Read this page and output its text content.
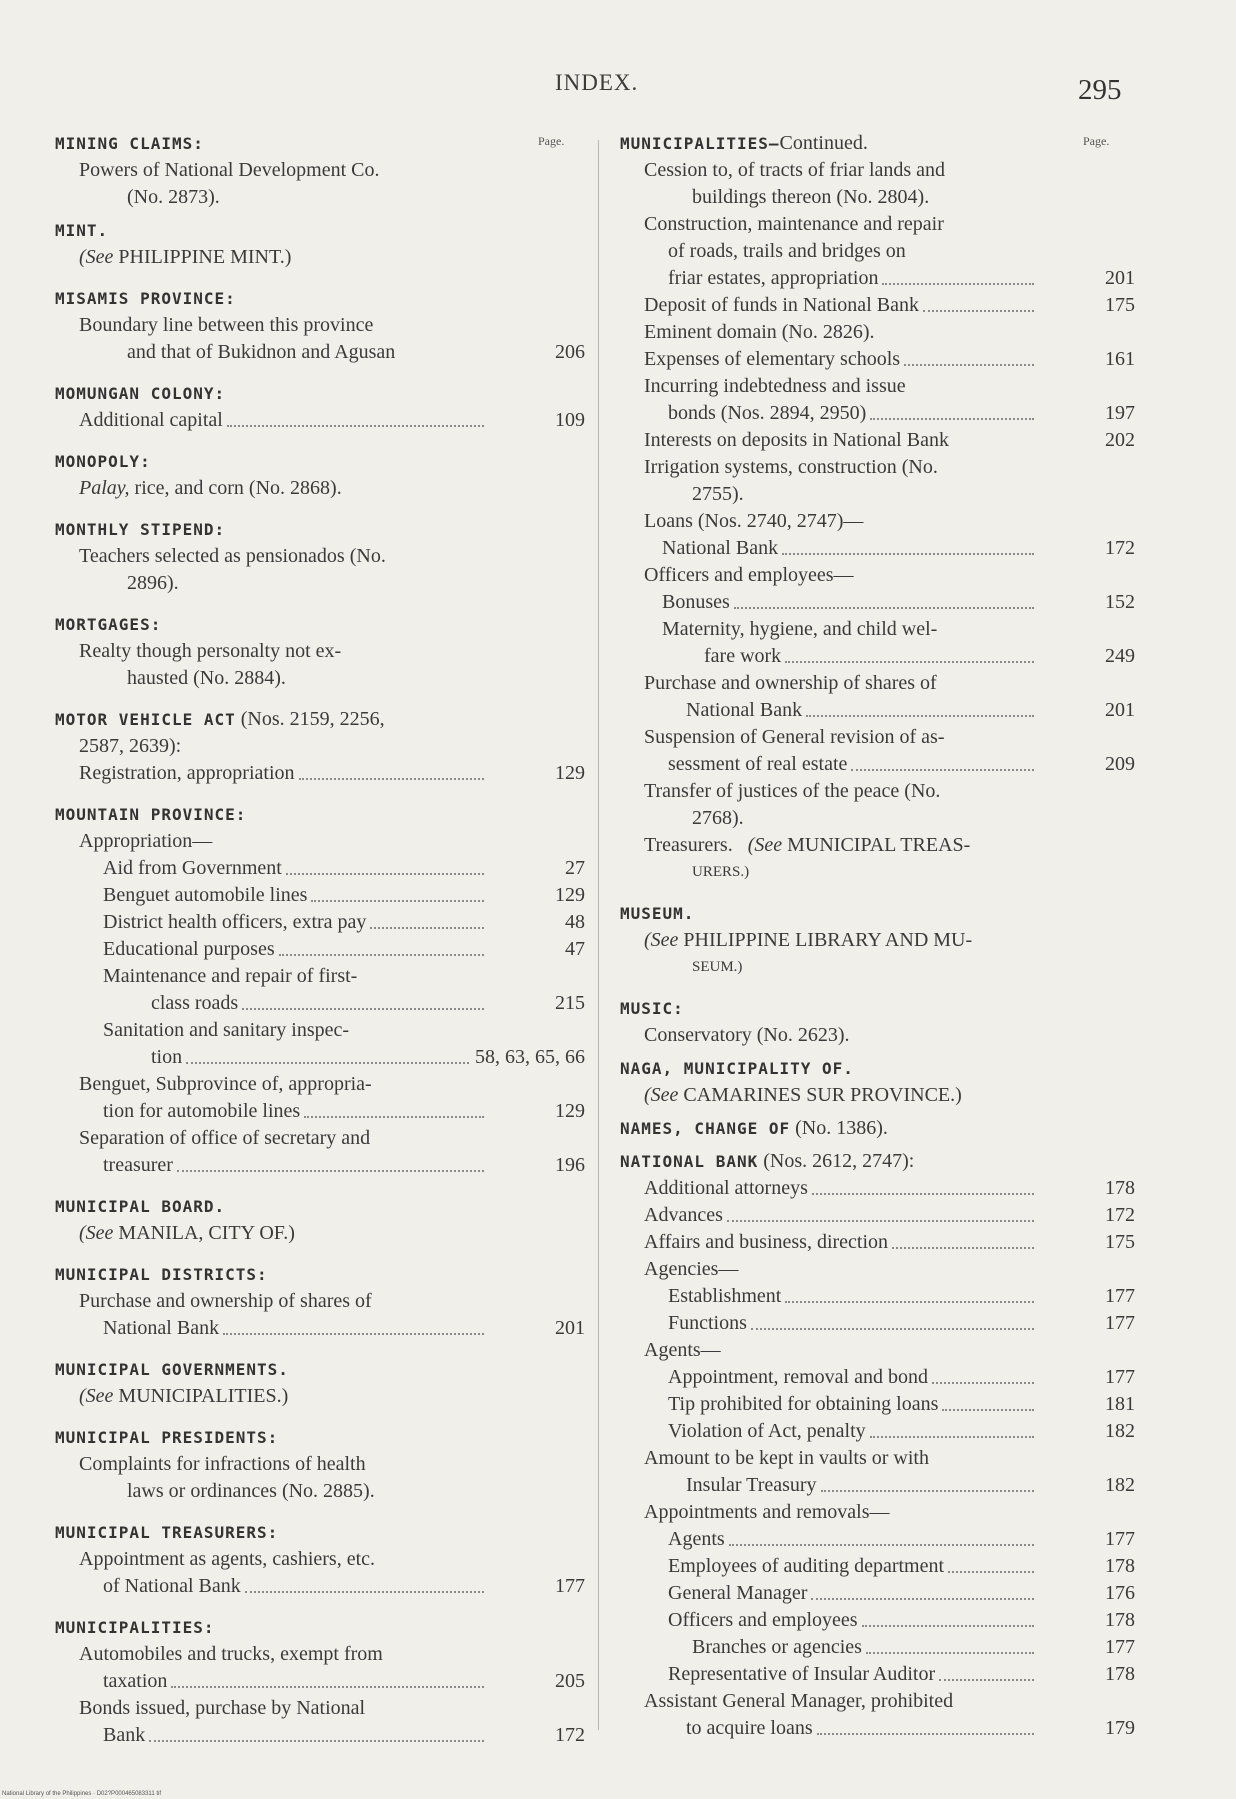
INDEX.	295
Page.	Page.
MINING CLAIMS:
Powers of National Development Co.
(No. 2873).
MINT.
(See PHILIPPINE MINT.)
MISAMIS PROVINCE:
Boundary line between this province
and that of Bukidnon and Agusan	206
MOMUNGAN COLONY:
Additional capital	109
MONOPOLY:
Palay, rice, and corn (No. 2868).
MONTHLY STIPEND:
Teachers selected as pensionados (No.
2896).
MORTGAGES:
Realty though personalty not ex-
hausted (No. 2884).
MOTOR VEHICLE ACT (Nos. 2159, 2256,
2587, 2639):
Registration, appropriation	129
MOUNTAIN PROVINCE:
Appropriation—
Aid from Government	27
Benguet automobile lines	129
District health officers, extra pay	48
Educational purposes	47
Maintenance and repair of first-
class roads	215
Sanitation and sanitary inspec-
tion	58, 63, 65, 66
Benguet, Subprovince of, appropria-
tion for automobile lines	129
Separation of office of secretary and
treasurer	196
MUNICIPAL BOARD.
(See MANILA, CITY OF.)
MUNICIPAL DISTRICTS:
Purchase and ownership of shares of
National Bank	201
MUNICIPAL GOVERNMENTS.
(See MUNICIPALITIES.)
MUNICIPAL PRESIDENTS:
Complaints for infractions of health
laws or ordinances (No. 2885).
MUNICIPAL TREASURERS:
Appointment as agents, cashiers, etc.
of National Bank	177
MUNICIPALITIES:
Automobiles and trucks, exempt from
taxation	205
Bonds issued, purchase by National
Bank	172
MUNICIPALITIES—Continued.
Cession to, of tracts of friar lands and
buildings thereon (No. 2804).
Construction, maintenance and repair
of roads, trails and bridges on
friar estates, appropriation	201
Deposit of funds in National Bank	175
Eminent domain (No. 2826).
Expenses of elementary schools	161
Incurring indebtedness and issue
bonds (Nos. 2894, 2950)	197
Interests on deposits in National Bank	202
Irrigation systems, construction (No.
2755).
Loans (Nos. 2740, 2747)—
National Bank	172
Officers and employees—
Bonuses	152
Maternity, hygiene, and child wel-
fare work	249
Purchase and ownership of shares of
National Bank	201
Suspension of General revision of as-
sessment of real estate	209
Transfer of justices of the peace (No.
2768).
Treasurers. (See MUNICIPAL TREAS-
URERS.)
MUSEUM.
(See PHILIPPINE LIBRARY AND MU-
SEUM.)
MUSIC:
Conservatory (No. 2623).
NAGA, MUNICIPALITY OF.
(See CAMARINES SUR PROVINCE.)
NAMES, CHANGE OF (No. 1386).
NATIONAL BANK (Nos. 2612, 2747):
Additional attorneys	178
Advances	172
Affairs and business, direction	175
Agencies—
Establishment	177
Functions	177
Agents—
Appointment, removal and bond	177
Tip prohibited for obtaining loans	181
Violation of Act, penalty	182
Amount to be kept in vaults or with
Insular Treasury	182
Appointments and removals—
Agents	177
Employees of auditing department	178
General Manager	176
Officers and employees	178
Branches or agencies	177
Representative of Insular Auditor	178
Assistant General Manager, prohibited
to acquire loans	179
National Library of the Philippines · D02?P000465083311 tif
